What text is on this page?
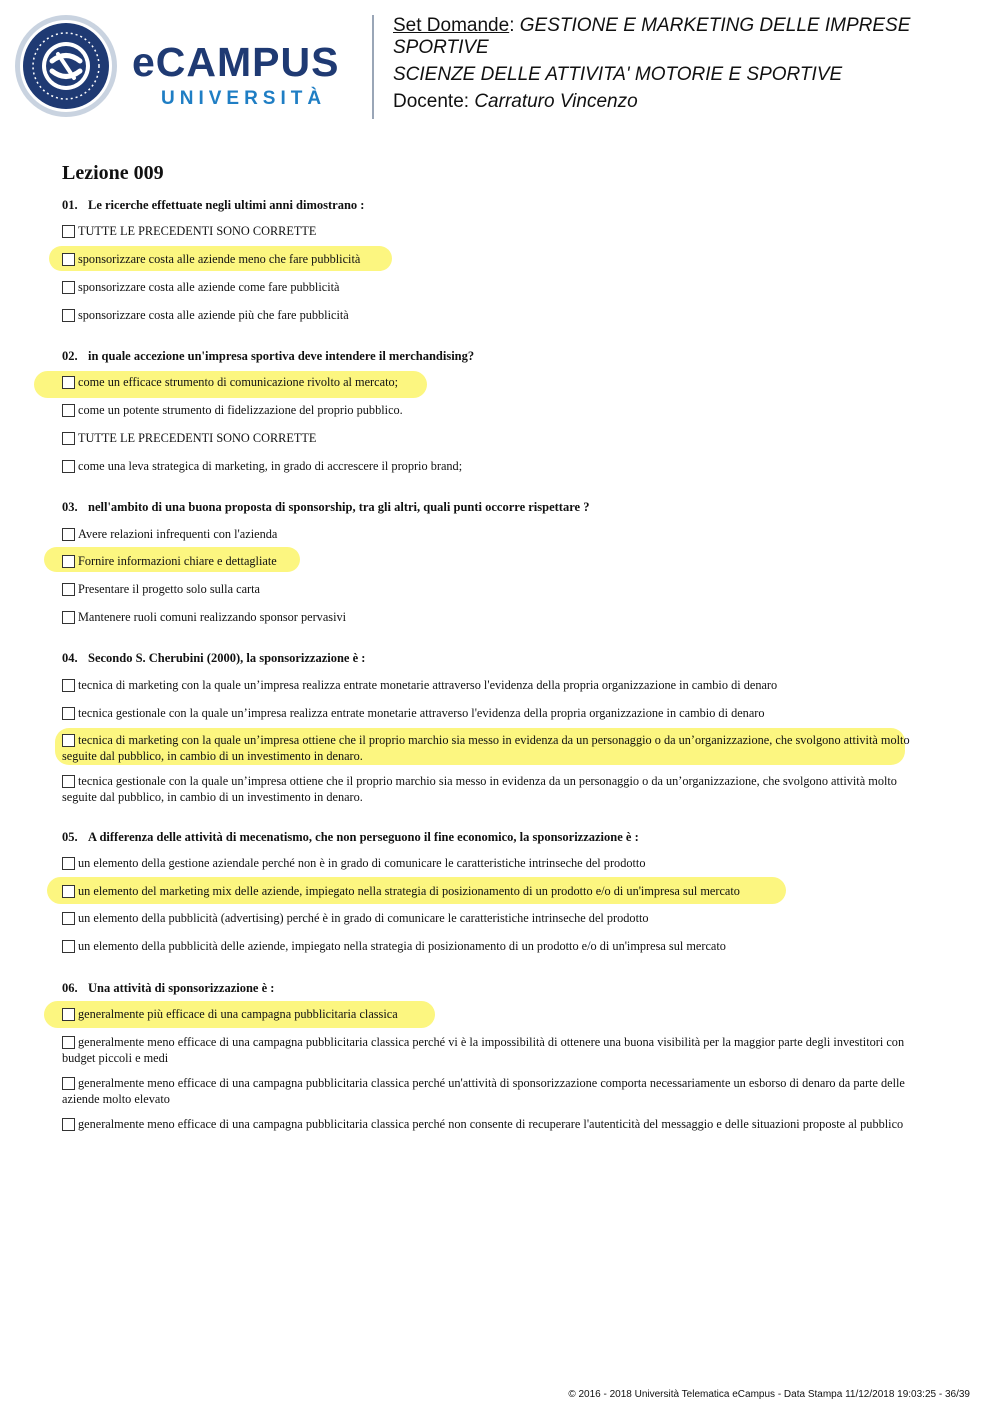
eCAMPUS
UNIVERSITÀ
Set Domande: GESTIONE E MARKETING DELLE IMPRESE SPORTIVE
SCIENZE DELLE ATTIVITA' MOTORIE E SPORTIVE
Docente: Carraturo Vincenzo
Lezione 009
01. Le ricerche effettuate negli ultimi anni dimostrano :
TUTTE LE PRECEDENTI SONO CORRETTE
sponsorizzare costa alle aziende meno che fare pubblicità
sponsorizzare costa alle aziende come fare pubblicità
sponsorizzare costa alle aziende più che fare pubblicità
02. in quale accezione un'impresa sportiva deve intendere il merchandising?
come un efficace strumento di comunicazione rivolto al mercato;
come un potente strumento di fidelizzazione del proprio pubblico.
TUTTE LE PRECEDENTI SONO CORRETTE
come una leva strategica di marketing, in grado di accrescere il proprio brand;
03. nell'ambito di una buona proposta di sponsorship, tra gli altri, quali punti occorre rispettare ?
Avere relazioni infrequenti con l'azienda
Fornire informazioni chiare e dettagliate
Presentare il progetto solo sulla carta
Mantenere ruoli comuni realizzando sponsor pervasivi
04. Secondo S. Cherubini (2000), la sponsorizzazione è :
tecnica di marketing con la quale un’impresa realizza entrate monetarie attraverso l'evidenza della propria organizzazione in cambio di denaro
tecnica gestionale con la quale un’impresa realizza entrate monetarie attraverso l'evidenza della propria organizzazione in cambio di denaro
tecnica di marketing con la quale un’impresa ottiene che il proprio marchio sia messo in evidenza da un personaggio o da un’organizzazione, che svolgono attività molto seguite dal pubblico, in cambio di un investimento in denaro.
tecnica gestionale con la quale un’impresa ottiene che il proprio marchio sia messo in evidenza da un personaggio o da un’organizzazione, che svolgono attività molto seguite dal pubblico, in cambio di un investimento in denaro.
05. A differenza delle attività di mecenatismo, che non perseguono il fine economico, la sponsorizzazione è :
un elemento della gestione aziendale perché non è in grado di comunicare le caratteristiche intrinseche del prodotto
un elemento del marketing mix delle aziende, impiegato nella strategia di posizionamento di un prodotto e/o di un'impresa sul mercato
un elemento della pubblicità (advertising) perché è in grado di comunicare le caratteristiche intrinseche del prodotto
un elemento della pubblicità delle aziende, impiegato nella strategia di posizionamento di un prodotto e/o di un'impresa sul mercato
06. Una attività di sponsorizzazione è :
generalmente più efficace di una campagna pubblicitaria classica
generalmente meno efficace di una campagna pubblicitaria classica perché vi è la impossibilità di ottenere una buona visibilità per la maggior parte degli investitori con budget piccoli e medi
generalmente meno efficace di una campagna pubblicitaria classica perché un'attività di sponsorizzazione comporta necessariamente un esborso di denaro da parte delle aziende molto elevato
generalmente meno efficace di una campagna pubblicitaria classica perché non consente di recuperare l'autenticità del messaggio e delle situazioni proposte al pubblico
© 2016 - 2018 Università Telematica eCampus - Data Stampa 11/12/2018 19:03:25 - 36/39
